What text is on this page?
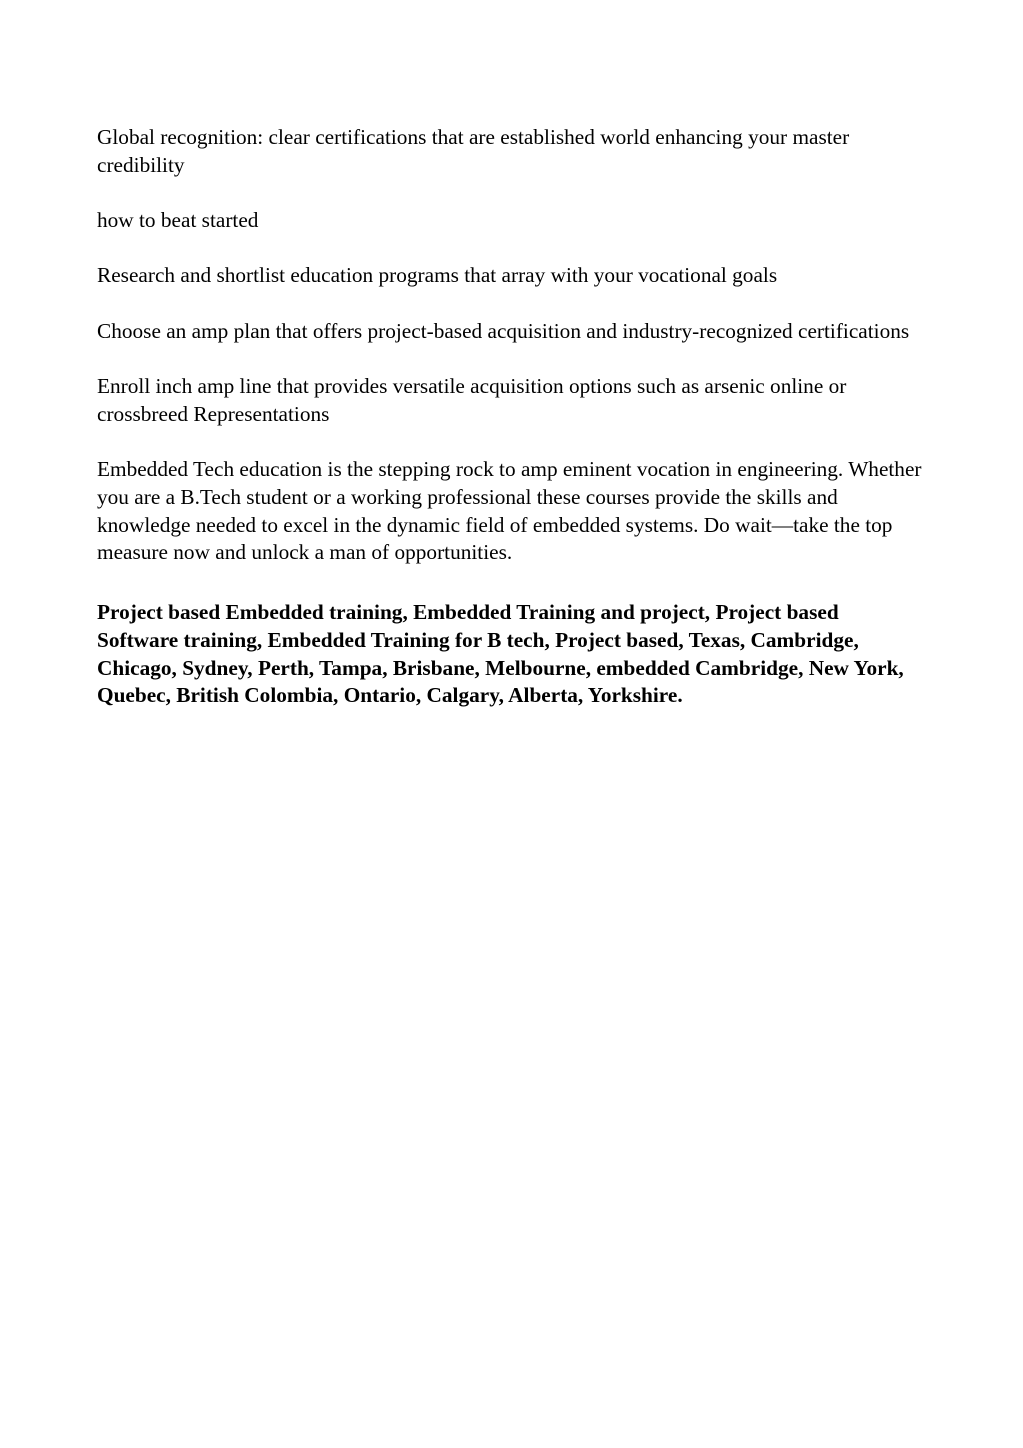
Global recognition: clear certifications that are established world enhancing your master credibility

how to beat started

Research and shortlist education programs that array with your vocational goals

Choose an amp plan that offers project-based acquisition and industry-recognized certifications

Enroll inch amp line that provides versatile acquisition options such as arsenic online or crossbreed Representations

Embedded Tech education is the stepping rock to amp eminent vocation in engineering. Whether you are a B.Tech student or a working professional these courses provide the skills and knowledge needed to excel in the dynamic field of embedded systems. Do wait—take the top measure now and unlock a man of opportunities.

Project based Embedded training, Embedded Training and project, Project based Software training, Embedded Training for B tech, Project based, Texas, Cambridge, Chicago, Sydney, Perth, Tampa, Brisbane, Melbourne, embedded Cambridge, New York, Quebec, British Colombia, Ontario, Calgary, Alberta, Yorkshire.
